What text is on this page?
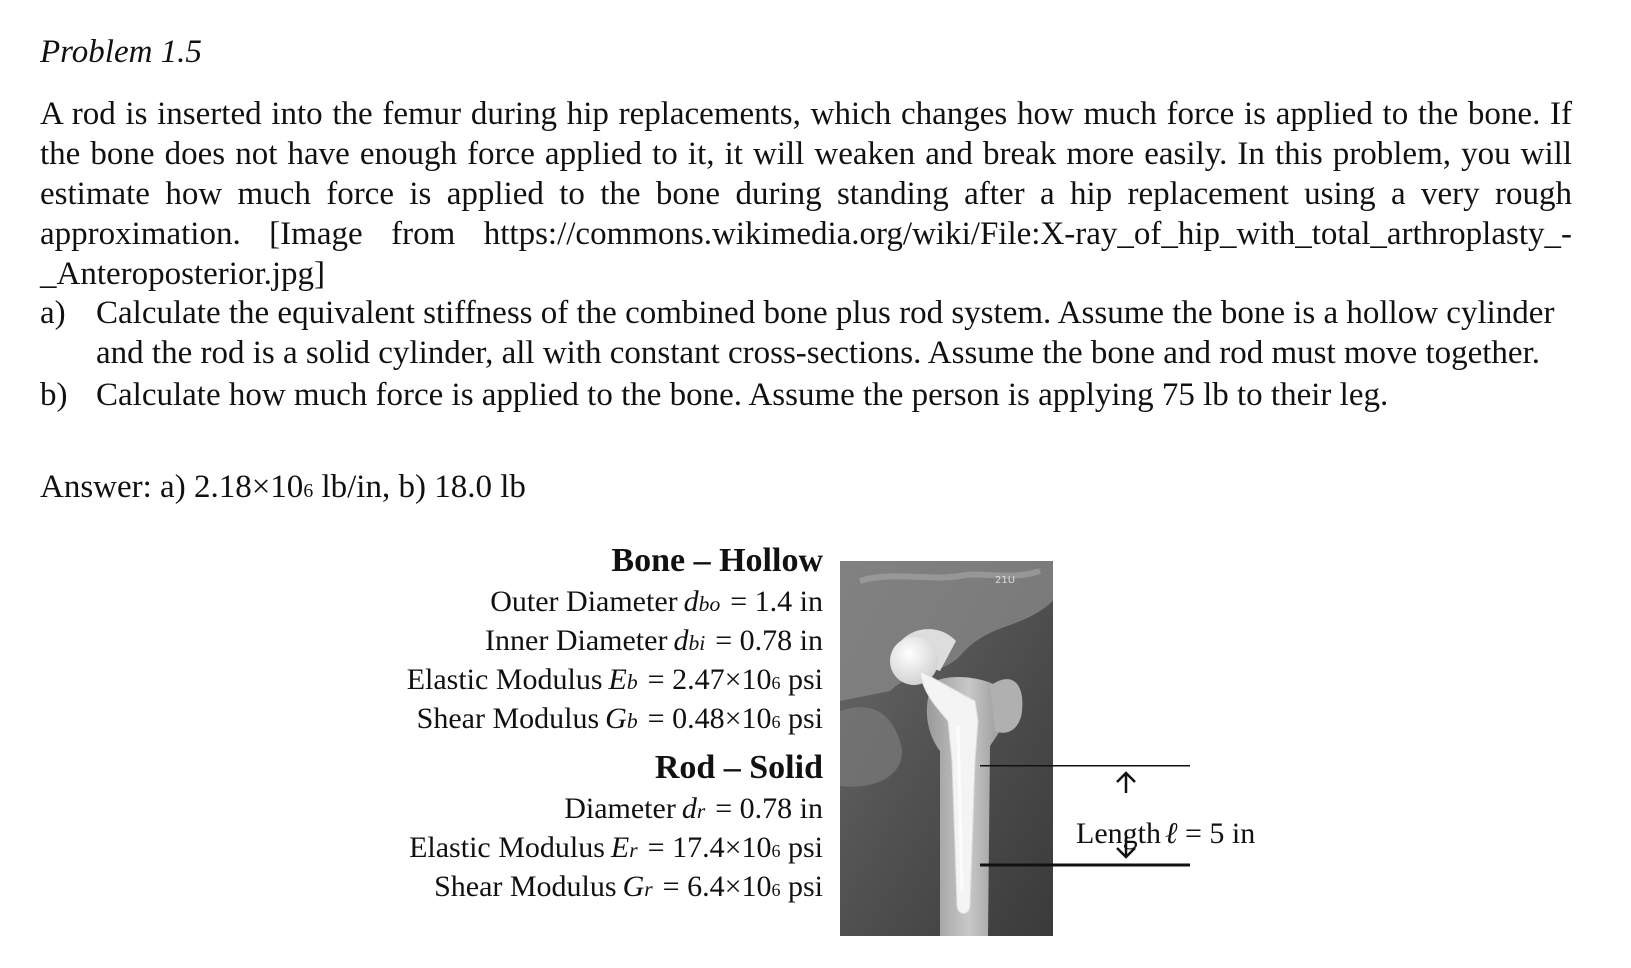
Problem 1.5
A rod is inserted into the femur during hip replacements, which changes how much force is applied to the bone. If the bone does not have enough force applied to it, it will weaken and break more easily. In this problem, you will estimate how much force is applied to the bone during standing after a hip replacement using a very rough approximation. [Image from https://commons.wikimedia.org/wiki/File:X-ray_of_hip_with_total_arthroplasty_-_Anteroposterior.jpg]
a) Calculate the equivalent stiffness of the combined bone plus rod system. Assume the bone is a hollow cylinder and the rod is a solid cylinder, all with constant cross-sections. Assume the bone and rod must move together.
b) Calculate how much force is applied to the bone. Assume the person is applying 75 lb to their leg.
Answer: a) $2.18\times 10^6$ lb/in, b) 18.0 lb
Bone – Hollow
Outer Diameter $d_{bo} = 1.4$ in
Inner Diameter $d_{bi} = 0.78$ in
Elastic Modulus $E_b = 2.47\times 10^6$ psi
Shear Modulus $G_b = 0.48\times 10^6$ psi
Rod – Solid
Diameter $d_r = 0.78$ in
Elastic Modulus $E_r = 17.4\times 10^6$ psi
Shear Modulus $G_r = 6.4\times 10^6$ psi
21U
Length ℓ = 5 in
